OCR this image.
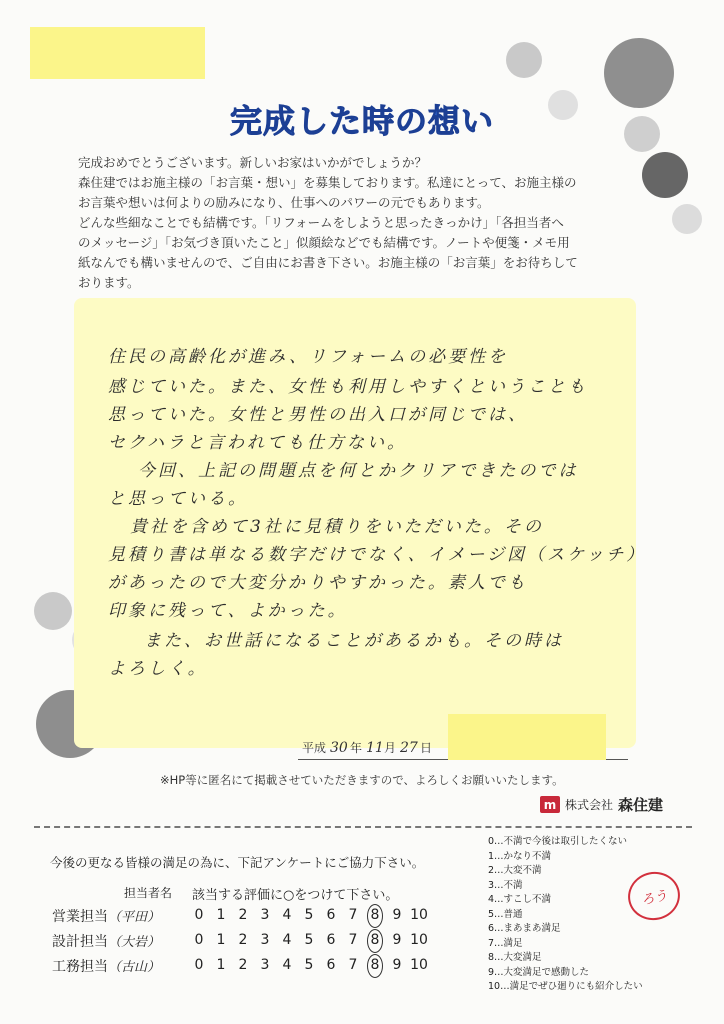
完成した時の想い

完成おめでとうございます。新しいお家はいかがでしょうか？

森住建ではお施主様の「お言葉・想い」を募集しております。私達にとって、お施主様の

お言葉や想いは何よりの励みになり、仕事へのパワーの元でもあります。

どんな些細なことでも結構です。「リフォームをしようと思ったきっかけ」「各担当者へ

のメッセージ」「お気づき頂いたこと」似顔絵などでも結構です。ノートや便箋・メモ用

紙なんでも構いませんので、ご自由にお書き下さい。お施主様の「お言葉」をお待ちして

おります。

住民の高齢化が進み、リフォームの必要性を
感じていた。また、女性も利用しやすくということも
思っていた。女性と男性の出入口が同じでは、
セクハラと言われても仕方ない。
今回、上記の問題点を何とかクリアできたのでは
と思っている。
貴社を含めて3社に見積りをいただいた。その
見積り書は単なる数字だけでなく、イメージ図（スケッチ）
があったので大変分かりやすかった。素人でも
印象に残って、よかった。
また、お世話になることがあるかも。その時は
よろしく。
平成 30 年 11 月 27 日
※HP等に匿名にて掲載させていただきますので、よろしくお願いいたします。
m 株式会社 森住建
今後の更なる皆様の満足の為に、下記アンケートにご協力下さい。
担当者名 該当する評価に○をつけて下さい。
営業担当（平田）	0 1 2 3 4 5 6 7 8 9 10
設計担当（大岩）	0 1 2 3 4 5 6 7 8 9 10
工務担当（古山）	0 1 2 3 4 5 6 7 8 9 10
0…不満で今後は取引したくない
1…かなり不満
2…大変不満
3…不満
4…すこし不満
5…普通
6…まあまあ満足
7…満足
8…大変満足
9…大変満足で感動した
10…満足でぜひ廻りにも紹介したい
ろう
